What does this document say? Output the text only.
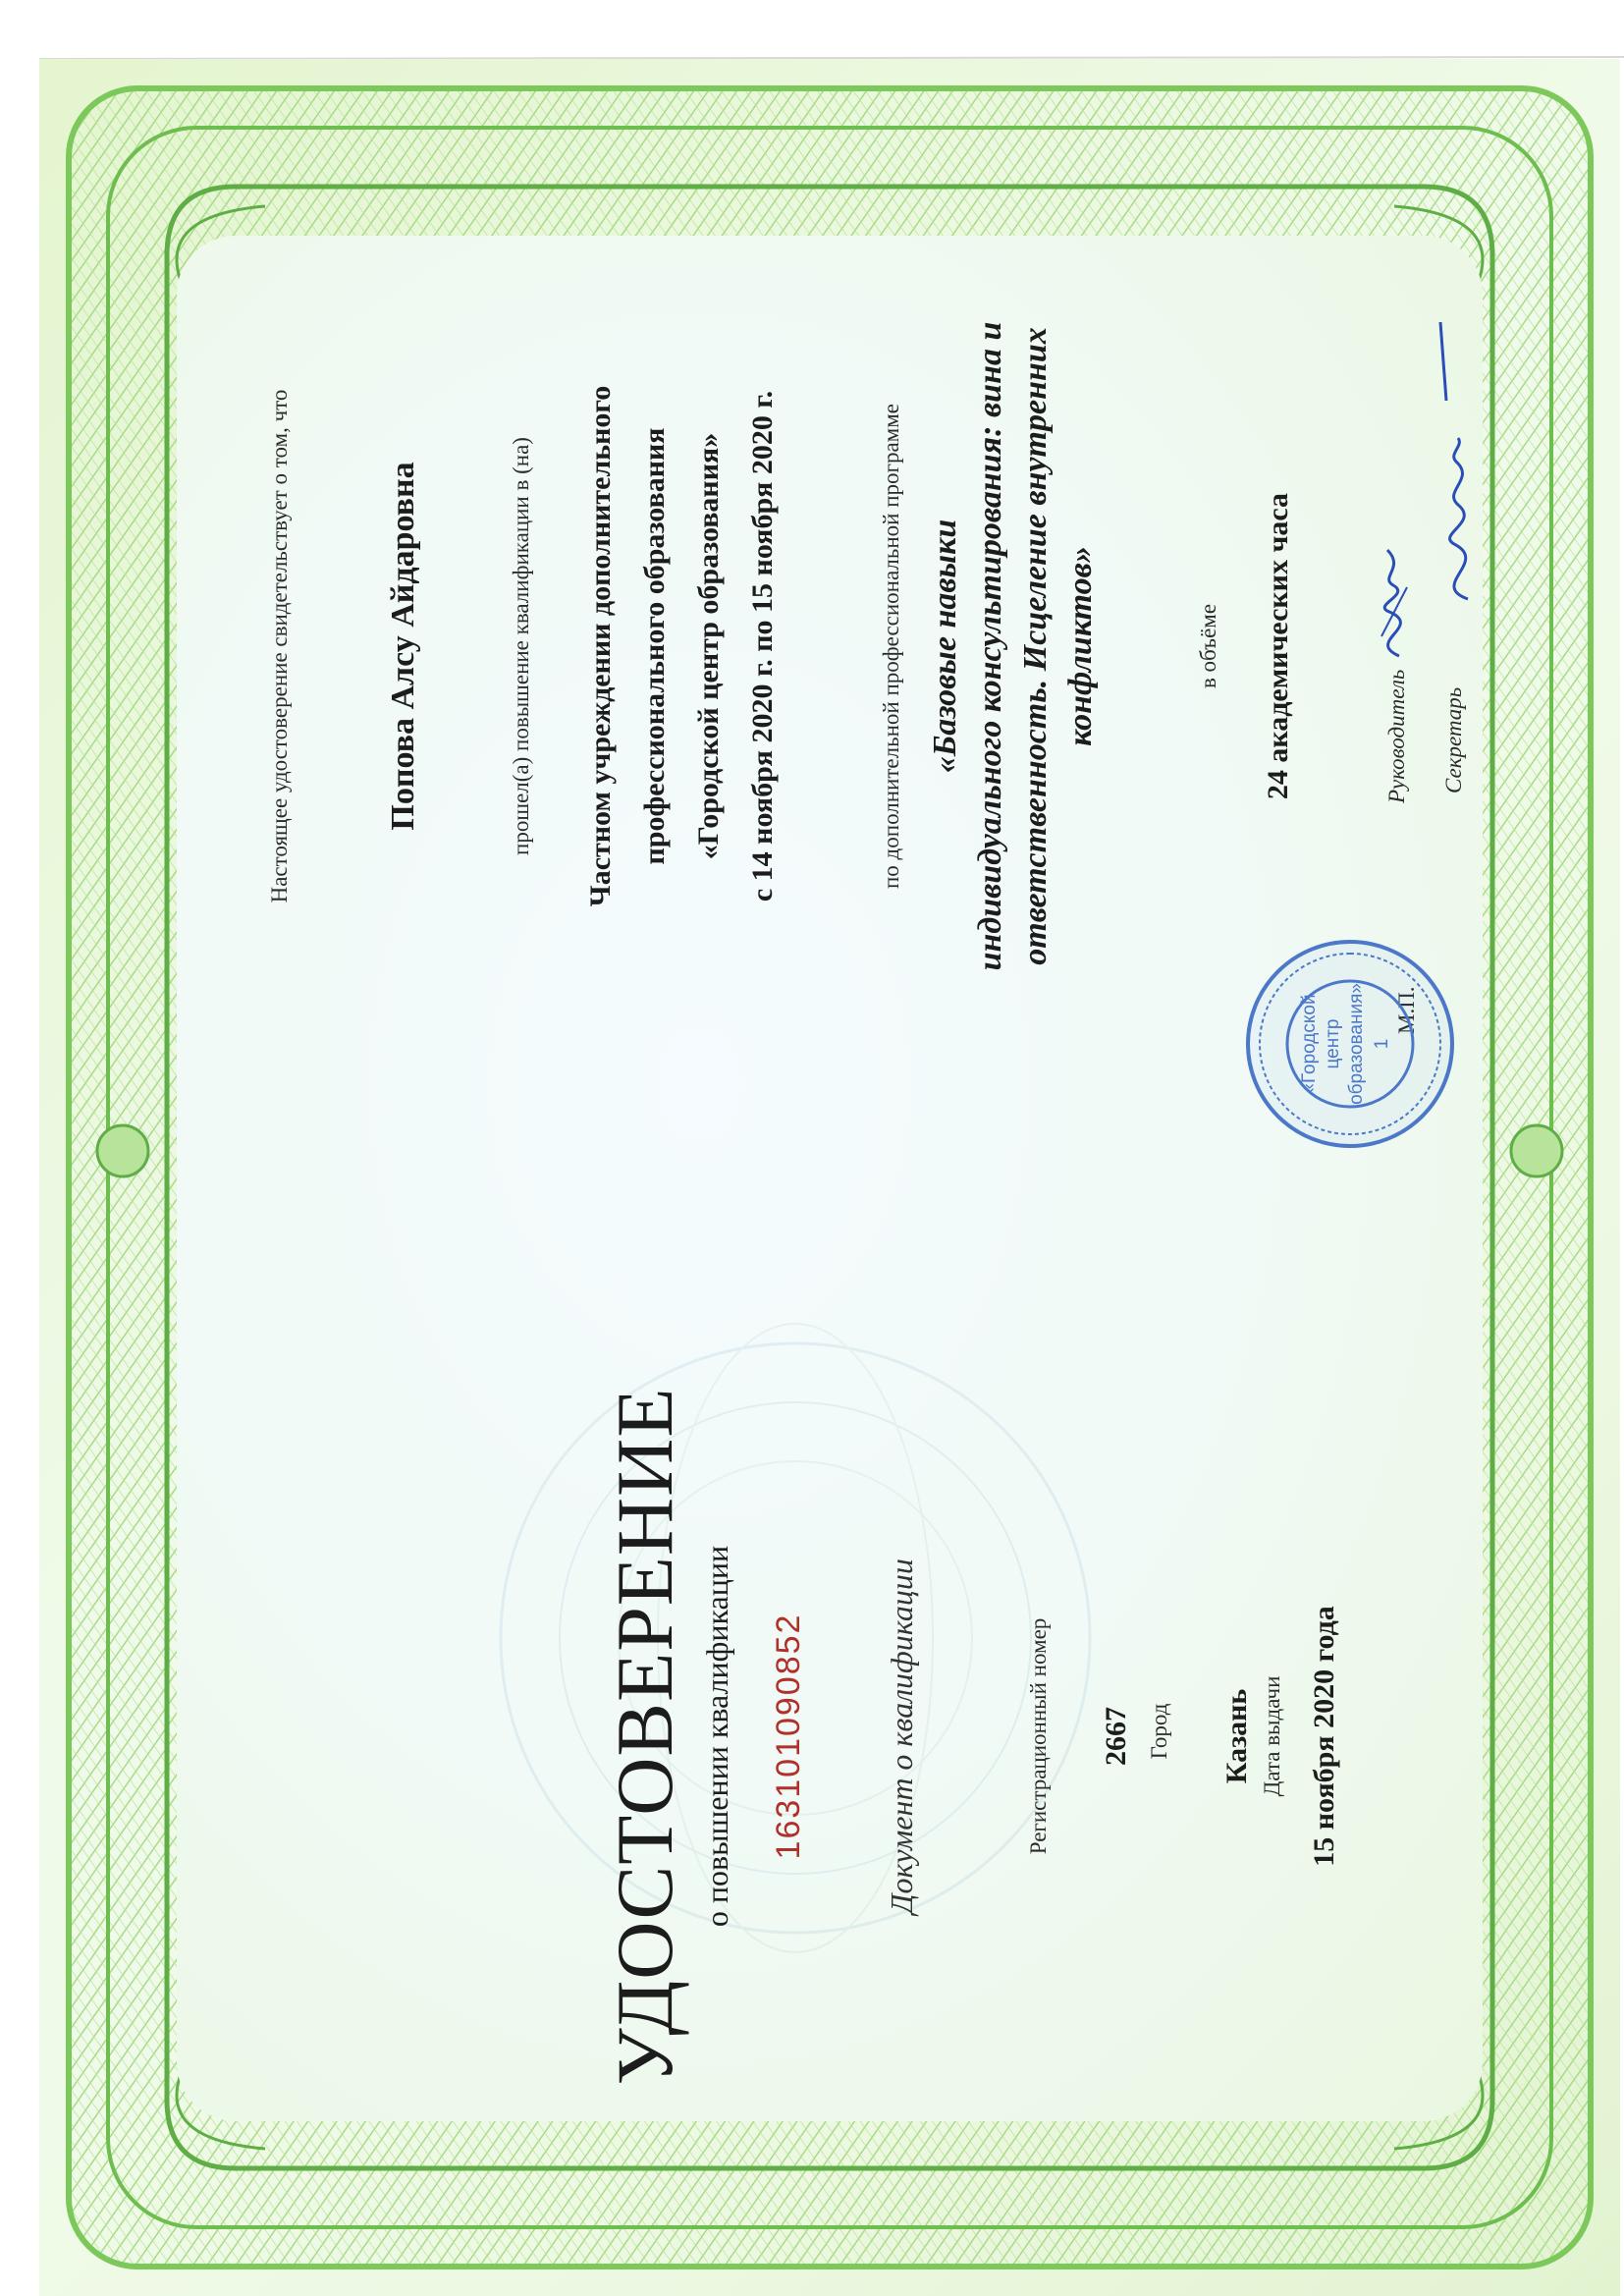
УДОСТОВЕРЕНИЕ о повышении квалификации 163101090852 Документ о квалификации	Регистрационный номер 2667 Город Казань Дата выдачи 15 ноября 2020 года
Настоящее удостоверение свидетельствует о том, что	Попова Алсу Айдаровна	прошел(а) повышение квалификации в (на)	Частном учреждении дополнительного профессионального образования «Городской центр образования» с 14 ноября 2020 г. по 15 ноября 2020 г.	по дополнительной профессиональной программе «Базовые навыки индивидуального консультирования: вина и ответственность. Исцеление внутренних конфликтов»	в объёме 24 академических часа	Руководитель Секретарь
«Городской центр образования» 1
